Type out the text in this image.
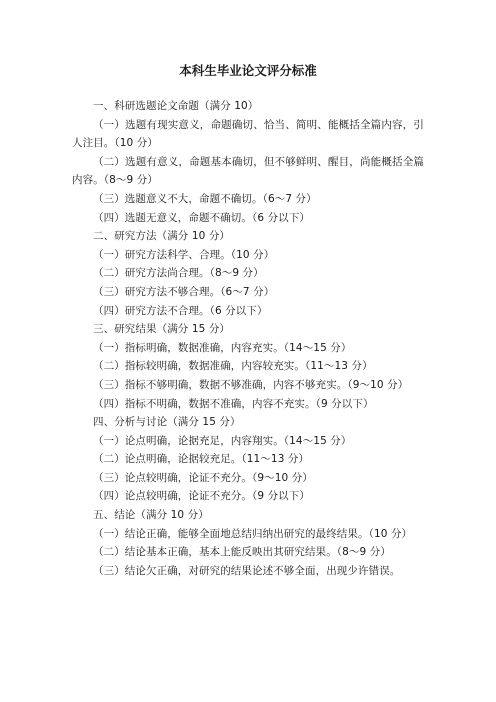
本科生毕业论文评分标准

一、科研选题论文命题（满分 10）

（一）选题有现实意义，命题确切、恰当、简明、能概括全篇内容，引人注目。（10 分）

（二）选题有意义，命题基本确切，但不够鲜明、醒目，尚能概括全篇内容。（8～9 分）

（三）选题意义不大，命题不确切。（6～7 分）

（四）选题无意义，命题不确切。（6 分以下）

二、研究方法（满分 10 分）

（一）研究方法科学、合理。（10 分）

（二）研究方法尚合理。（8～9 分）

（三）研究方法不够合理。（6～7 分）

（四）研究方法不合理。（6 分以下）

三、研究结果（满分 15 分）

（一）指标明确，数据准确，内容充实。（14～15 分）

（二）指标较明确，数据准确，内容较充实。（11～13 分）

（三）指标不够明确，数据不够准确，内容不够充实。（9～10 分）

（四）指标不明确，数据不准确，内容不充实。（9 分以下）

四、分析与讨论（满分 15 分）

（一）论点明确，论据充足，内容翔实。（14～15 分）

（二）论点明确，论据较充足。（11～13 分）

（三）论点较明确，论证不充分。（9～10 分）

（四）论点较明确，论证不充分。（9 分以下）

五、结论（满分 10 分）

（一）结论正确，能够全面地总结归纳出研究的最终结果。（10 分）

（二）结论基本正确，基本上能反映出其研究结果。（8～9 分）

（三）结论欠正确，对研究的结果论述不够全面，出现少许错误。
